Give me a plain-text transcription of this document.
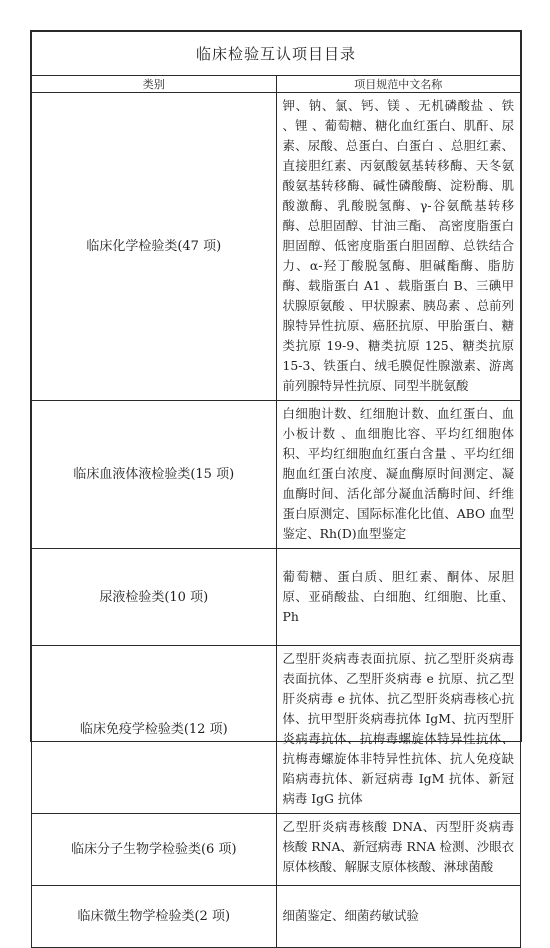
临床检验互认项目目录	
类别	项目规范中文名称
临床化学检验类(47 项)	钾、钠、氯、钙、镁 、无机磷酸盐 、铁 、锂 、葡萄糖、糖化血红蛋白、肌酐、尿素、尿酸、总蛋白、白蛋白 、总胆红素、直接胆红素、丙氨酸氨基转移酶、天冬氨酸氨基转移酶、碱性磷酸酶、淀粉酶、肌酸激酶、乳酸脱氢酶、γ-谷氨酰基转移酶、总胆固醇、甘油三酯、 高密度脂蛋白胆固醇、低密度脂蛋白胆固醇、总铁结合力、α-羟丁酸脱氢酶、胆碱酯酶、脂肪酶、载脂蛋白 A1 、载脂蛋白 B、三碘甲状腺原氨酸 、甲状腺素、胰岛素 、总前列腺特异性抗原、癌胚抗原、甲胎蛋白、糖类抗原 19-9、糖类抗原 125、糖类抗原 15-3、铁蛋白、绒毛膜促性腺激素、游离前列腺特异性抗原、同型半胱氨酸
临床血液体液检验类(15 项)	白细胞计数、红细胞计数、血红蛋白、血小板计数 、血细胞比容、平均红细胞体积、平均红细胞血红蛋白含量 、平均红细胞血红蛋白浓度、凝血酶原时间测定、凝血酶时间、活化部分凝血活酶时间、纤维蛋白原测定、国际标准化比值、ABO 血型鉴定、Rh(D)血型鉴定
尿液检验类(10 项)	葡萄糖、蛋白质、胆红素、酮体、尿胆原、亚硝酸盐、白细胞、红细胞、比重、Ph
临床免疫学检验类(12 项)	乙型肝炎病毒表面抗原、抗乙型肝炎病毒表面抗体、乙型肝炎病毒 e 抗原、抗乙型肝炎病毒 e 抗体、抗乙型肝炎病毒核心抗体、抗甲型肝炎病毒抗体 IgM、抗丙型肝炎病毒抗体、抗梅毒螺旋体特异性抗体、抗梅毒螺旋体非特异性抗体、抗人免疫缺陷病毒抗体、新冠病毒 IgM 抗体、新冠病毒 IgG 抗体
临床分子生物学检验类(6 项)	乙型肝炎病毒核酸 DNA、丙型肝炎病毒核酸 RNA、新冠病毒 RNA 检测、沙眼衣原体核酸、解脲支原体核酸、淋球菌酸
临床微生物学检验类(2 项)	细菌鉴定、细菌药敏试验
